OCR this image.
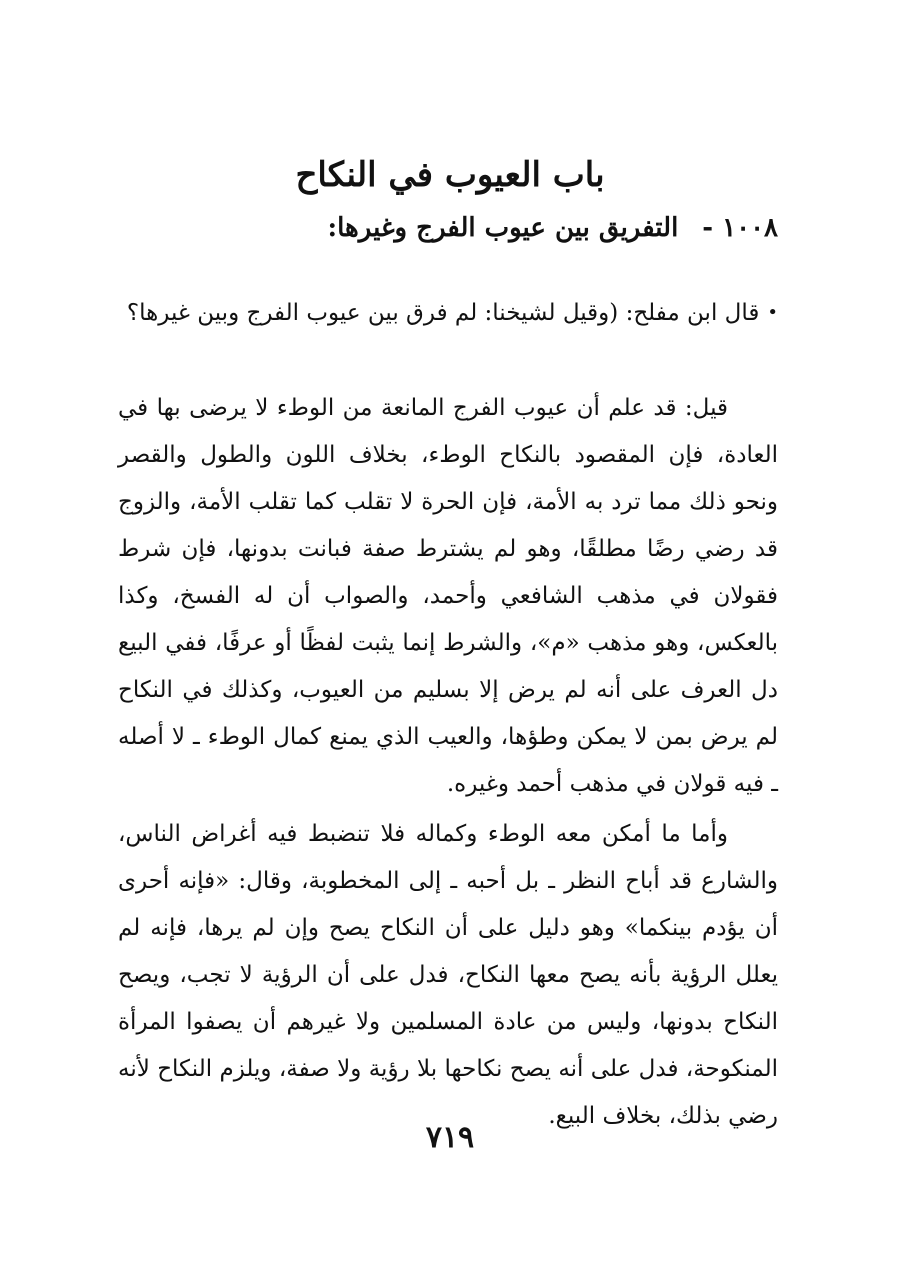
باب العيوب في النكاح
١٠٠٨ -التفريق بين عيوب الفرج وغيرها:

•قال ابن مفلح: (وقيل لشيخنا: لم فرق بين عيوب الفرج وبين غيرها؟

قيل: قد علم أن عيوب الفرج المانعة من الوطء لا يرضى بها في العادة، فإن المقصود بالنكاح الوطء، بخلاف اللون والطول والقصر ونحو ذلك مما ترد به الأمة، فإن الحرة لا تقلب كما تقلب الأمة، والزوج قد رضي رضًا مطلقًا، وهو لم يشترط صفة فبانت بدونها، فإن شرط فقولان في مذهب الشافعي وأحمد، والصواب أن له الفسخ، وكذا بالعكس، وهو مذهب «م»، والشرط إنما يثبت لفظًا أو عرفًا، ففي البيع دل العرف على أنه لم يرض إلا بسليم من العيوب، وكذلك في النكاح لم يرض بمن لا يمكن وطؤها، والعيب الذي يمنع كمال الوطء ـ لا أصله ـ فيه قولان في مذهب أحمد وغيره.

وأما ما أمكن معه الوطء وكماله فلا تنضبط فيه أغراض الناس، والشارع قد أباح النظر ـ بل أحبه ـ إلى المخطوبة، وقال: «فإنه أحرى أن يؤدم بينكما» وهو دليل على أن النكاح يصح وإن لم يرها، فإنه لم يعلل الرؤية بأنه يصح معها النكاح، فدل على أن الرؤية لا تجب، ويصح النكاح بدونها، وليس من عادة المسلمين ولا غيرهم أن يصفوا المرأة المنكوحة، فدل على أنه يصح نكاحها بلا رؤية ولا صفة، ويلزم النكاح لأنه رضي بذلك، بخلاف البيع.

٧١٩
